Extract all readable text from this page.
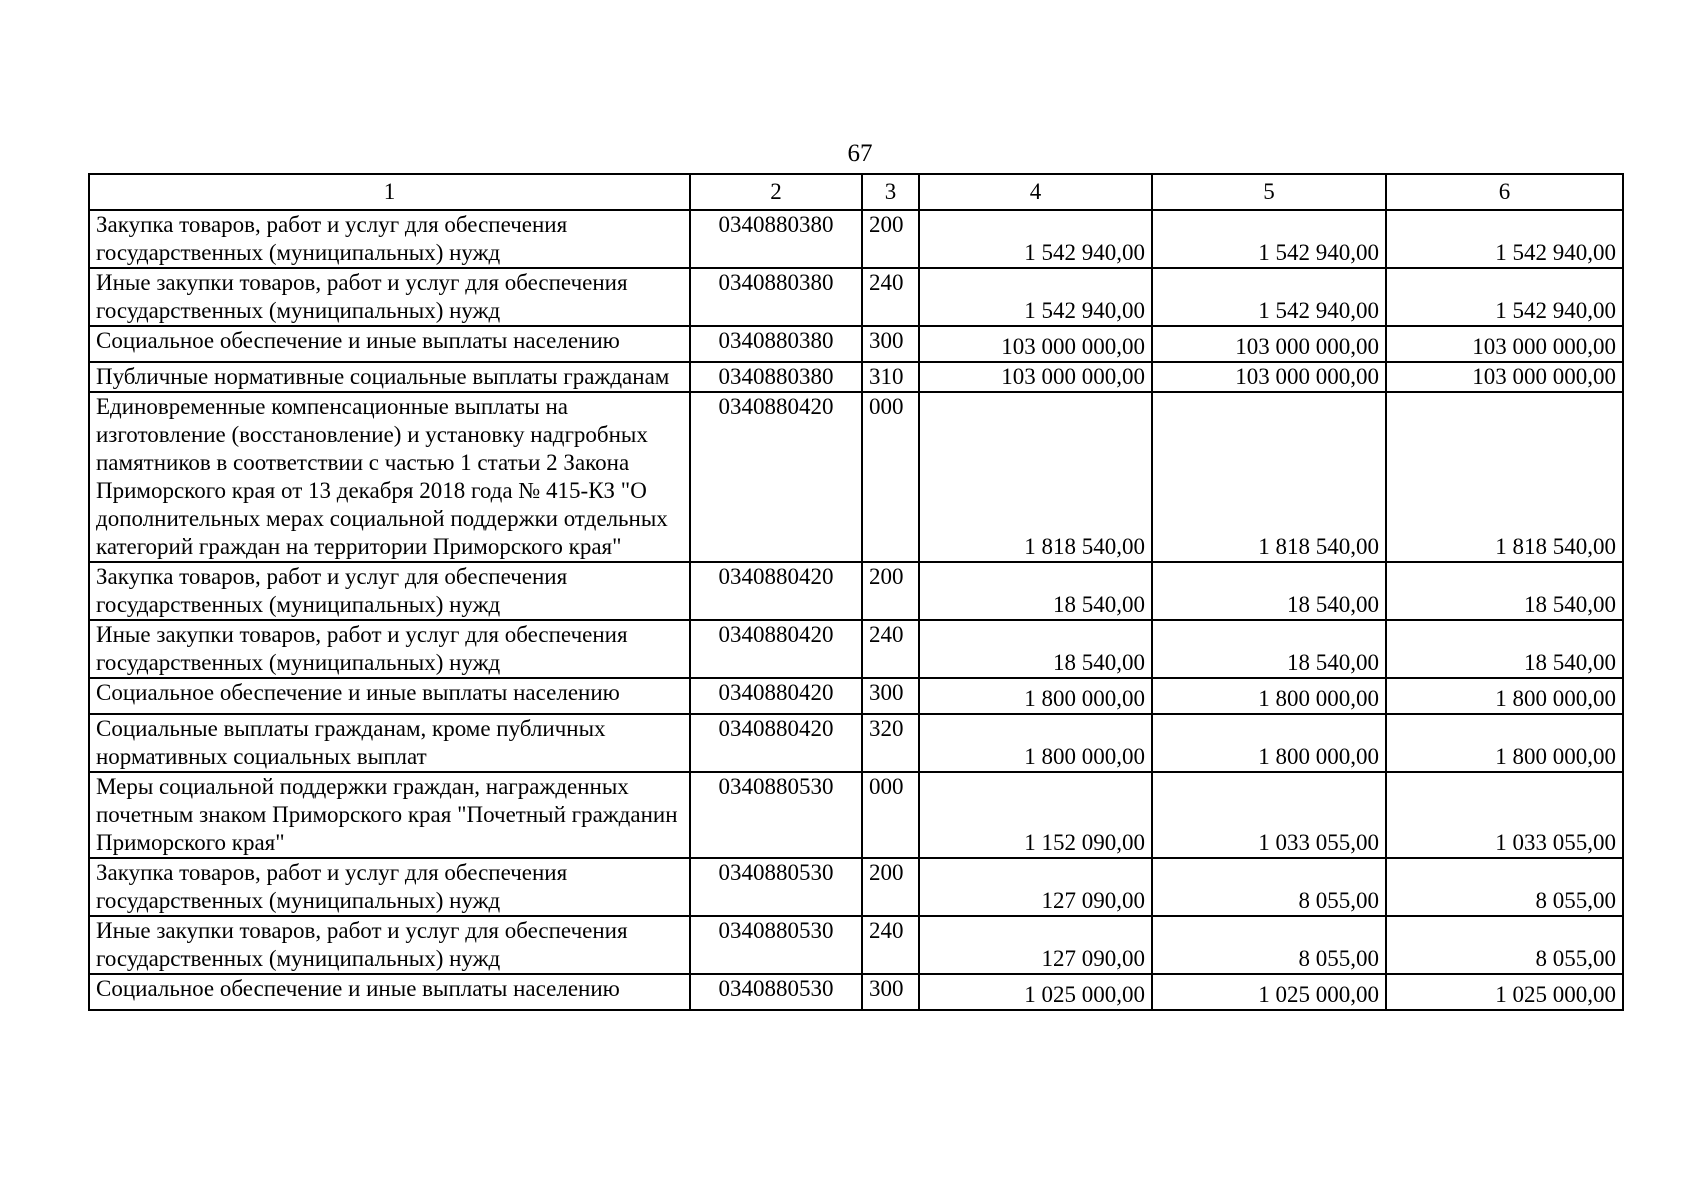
67
1	2	3	4	5	6
Закупка товаров, работ и услуг для обеспечения государственных (муниципальных) нужд	0340880380	200	1 542 940,00	1 542 940,00	1 542 940,00
Иные закупки товаров, работ и услуг для обеспечения государственных (муниципальных) нужд	0340880380	240	1 542 940,00	1 542 940,00	1 542 940,00
Социальное обеспечение и иные выплаты населению	0340880380	300	103 000 000,00	103 000 000,00	103 000 000,00
Публичные нормативные социальные выплаты гражданам	0340880380	310	103 000 000,00	103 000 000,00	103 000 000,00
Единовременные компенсационные выплаты на изготовление (восстановление) и установку надгробных памятников в соответствии с частью 1 статьи 2 Закона Приморского края от 13 декабря 2018 года № 415-КЗ "О дополнительных мерах социальной поддержки отдельных категорий граждан на территории Приморского края"	0340880420	000	1 818 540,00	1 818 540,00	1 818 540,00
Закупка товаров, работ и услуг для обеспечения государственных (муниципальных) нужд	0340880420	200	18 540,00	18 540,00	18 540,00
Иные закупки товаров, работ и услуг для обеспечения государственных (муниципальных) нужд	0340880420	240	18 540,00	18 540,00	18 540,00
Социальное обеспечение и иные выплаты населению	0340880420	300	1 800 000,00	1 800 000,00	1 800 000,00
Социальные выплаты гражданам, кроме публичных нормативных социальных выплат	0340880420	320	1 800 000,00	1 800 000,00	1 800 000,00
Меры социальной поддержки граждан, награжденных почетным знаком Приморского края "Почетный гражданин Приморского края"	0340880530	000	1 152 090,00	1 033 055,00	1 033 055,00
Закупка товаров, работ и услуг для обеспечения государственных (муниципальных) нужд	0340880530	200	127 090,00	8 055,00	8 055,00
Иные закупки товаров, работ и услуг для обеспечения государственных (муниципальных) нужд	0340880530	240	127 090,00	8 055,00	8 055,00
Социальное обеспечение и иные выплаты населению	0340880530	300	1 025 000,00	1 025 000,00	1 025 000,00
